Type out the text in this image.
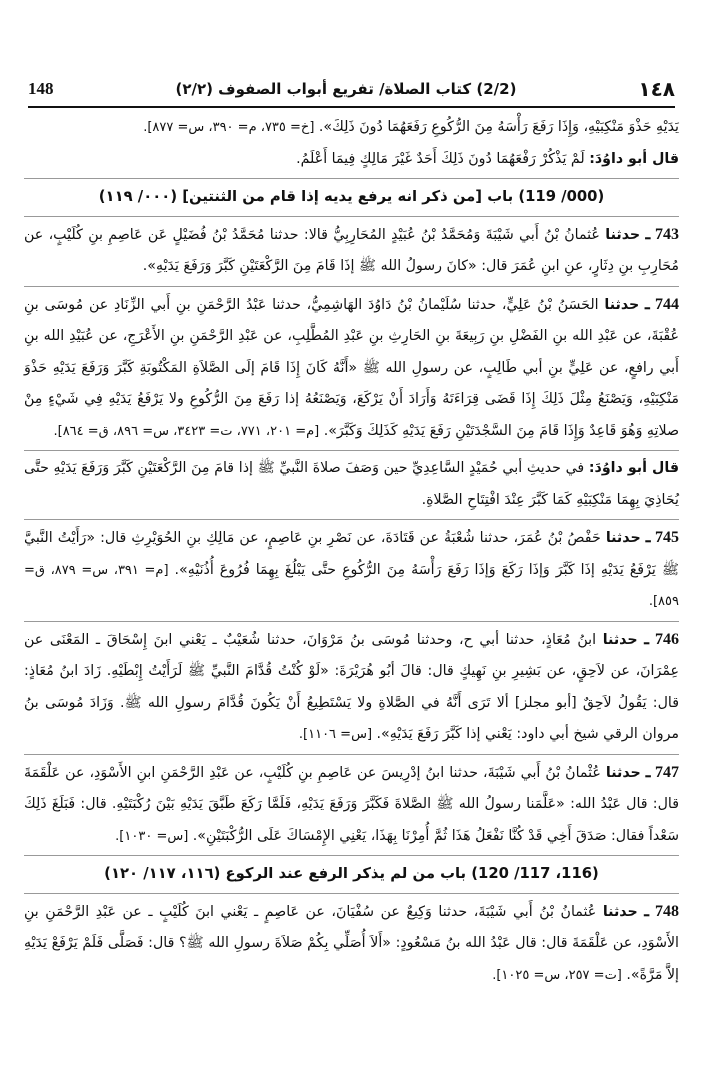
148	(2/2) كتاب الصلاة/ تفريع أبواب الصفوف (٢/٢)	١٤٨

يَدَيْهِ حَذْوَ مَنْكِبَيْهِ، وَإِذَا رَفَعَ رَأْسَهُ مِنَ الرُّكُوعِ رَفَعَهُمَا دُونَ ذَلِكَ». [خ= ٧٣٥، م= ٣٩٠، س= ٨٧٧].

قال أبو داوُدَ: لَمْ يَذْكُرْ رَفْعَهُمَا دُونَ ذَلِكَ أَحَدٌ غَيْرَ مَالِكٍ فِيمَا أَعْلَمُ.

(000/ 119) باب [من ذكر انه يرفع يديه إذا قام من الثنتين] (٠٠٠/ ١١٩)

743 ـ حدثنا عُثمانُ بْنُ أَبي شَيْبَةَ وَمُحَمَّدُ بْنُ عُبَيْدٍ المُحَارِبِيُّ قالا: حدثنا مُحَمَّدُ بْنُ فُضَيْلٍ عَن عَاصِمِ بنِ كُلَيْبٍ، عن مُحَارِبِ بنِ دِثَارٍ، عنِ ابنِ عُمَرَ قال: «كانَ رسولُ الله ﷺ إذَا قَامَ مِنَ الرَّكْعَتَيْنِ كَبَّرَ وَرَفَعَ يَدَيْهِ».

744 ـ حدثنا الحَسَنُ بْنُ عَلِيٍّ، حدثنا سُلَيْمانُ بْنُ دَاوُدَ الهَاشِمِيُّ، حدثنا عَبْدُ الرَّحْمَنِ بنِ أَبي الزِّنَادِ عن مُوسَى بنِ عُقْبَةَ، عن عَبْدِ الله بنِ الفَضْلِ بنِ رَبِيعَةَ بنِ الحَارِثِ بنِ عَبْدِ المُطَّلِبِ، عن عَبْدِ الرَّحْمَنِ بنِ الأَعْرَجِ، عن عُبَيْدِ الله بنِ أَبي رافعٍ، عن عَلِيٍّ بنِ أبي طَالِبٍ، عن رسولِ الله ﷺ «أَنَّهُ كَانَ إِذَا قَامَ إلَى الصَّلاَةِ المَكْتُوبَةِ كَبَّرَ وَرَفَعَ يَدَيْهِ حَذْوَ مَنْكِبَيْهِ، وَيَصْنَعُ مِثْلَ ذَلِكَ إِذَا قَضَى قِرَاءَتَهُ وَأَرَادَ أَنْ يَرْكَعَ، وَيَصْنَعُهُ إذا رَفَعَ مِنَ الرُّكُوعِ ولا يَرْفَعُ يَدَيْهِ فِي شَيْءٍ مِنْ صلاتِهِ وَهُوَ قَاعِدٌ وَإِذَا قَامَ مِنَ السَّجْدَتَيْنِ رَفَعَ يَدَيْهِ كَذَلِكَ وَكَبَّرَ». [م= ٢٠١، ٧٧١، ت= ٣٤٢٣، س= ٨٩٦، ق= ٨٦٤].

قال أبو داوُدَ: في حديثِ أبي حُمَيْدٍ السَّاعِدِيِّ حين وَصَفَ صلاةَ النَّبيِّ ﷺ إذا قامَ مِنَ الرَّكْعَتَيْنِ كَبَّرَ وَرَفَعَ يَدَيْهِ حتَّى يُحَاذِيَ بِهِمَا مَنْكِبَيْهِ كَمَا كَبَّرَ عِنْدَ افْتِتَاحِ الصَّلاةِ.

745 ـ حدثنا حَفْصُ بْنُ عُمَرَ، حدثنا شُعْبَةُ عن قَتَادَةَ، عن نَصْرِ بنِ عَاصِمٍ، عن مَالِكِ بنِ الحُوَيْرِثِ قال: «رَأَيْتُ النَّبيَّ ﷺ يَرْفَعُ يَدَيْهِ إذَا كَبَّرَ وَإذَا رَكَعَ وَإذَا رَفَعَ رَأْسَهُ مِنَ الرُّكُوعِ حتَّى يَبْلُغَ بِهِمَا فُرُوعَ أُذُنَيْهِ». [م= ٣٩١، س= ٨٧٩، ق= ٨٥٩].

746 ـ حدثنا ابنُ مُعَاذٍ، حدثنا أبي ح، وحدثنا مُوسَى بنُ مَرْوَانَ، حدثنا شُعَيْبٌ ـ يَعْني ابنَ إِسْحَاقَ ـ المَعْنَى عن عِمْرَانَ، عن لاَحِقٍ، عن بَشِيرِ بنِ نَهِيكٍ قال: قالَ أبُو هُرَيْرَةَ: «لَوْ كُنْتُ قُدَّامَ النَّبيِّ ﷺ لَرَأَيْتُ إِبْطَيْهِ. زَادَ ابنُ مُعَاذٍ: قال: يَقُولُ لاَحِقٌ [أبو مجلز] ألا تَرَى أَنَّهُ في الصَّلاةِ ولا يَسْتَطِيعُ أَنْ يَكُونَ قُدَّامَ رسولِ الله ﷺ. وَزَادَ مُوسَى بنُ مروان الرقي شيخ أبي داود: يَعْني إذا كَبَّرَ رَفَعَ يَدَيْهِ». [س= ١١٠٦].

747 ـ حدثنا عُثْمانُ بْنُ أَبي شَيْبَةَ، حدثنا ابنُ إدْرِيسَ عن عَاصِمِ بنِ كُلَيْبٍ، عن عَبْدِ الرَّحْمَنِ ابنِ الأَسْوَدِ، عن عَلْقَمَةَ قال: قال عَبْدُ الله: «عَلَّمَنا رسولُ الله ﷺ الصَّلاةَ فَكَبَّرَ وَرَفَعَ يَدَيْهِ، فَلَمَّا رَكَعَ طَبَّقَ يَدَيْهِ بَيْنَ رُكْبَتَيْهِ. قال: فَبَلَغَ ذَلِكَ سَعْداً فقال: صَدَقَ أَخِي قَدْ كُنَّا نَفْعَلُ هَذَا ثُمَّ أُمِرْنَا بِهَذَا، يَعْنِي الإِمْسَاكَ عَلَى الرُّكْبَتَيْنِ». [س= ١٠٣٠].

(116، 117/ 120) باب من لم يذكر الرفع عند الركوع (١١٦، ١١٧/ ١٢٠)

748 ـ حدثنا عُثمانُ بْنُ أَبي شَيْبَةَ، حدثنا وَكِيعٌ عن سُفْيَانَ، عن عَاصِمٍ ـ يَعْني ابنَ كُلَيْبٍ ـ عن عَبْدِ الرَّحْمَنِ بنِ الأَسْوَدِ، عن عَلْقَمَةَ قال: قال عَبْدُ الله بنُ مَسْعُودٍ: «أَلاَ أُصَلِّي بِكُمْ صَلاَةَ رسولِ الله ﷺ؟ قال: فَصَلَّى فَلَمْ يَرْفَعْ يَدَيْهِ إلاَّ مَرَّةً». [ت= ٢٥٧، س= ١٠٢٥].
